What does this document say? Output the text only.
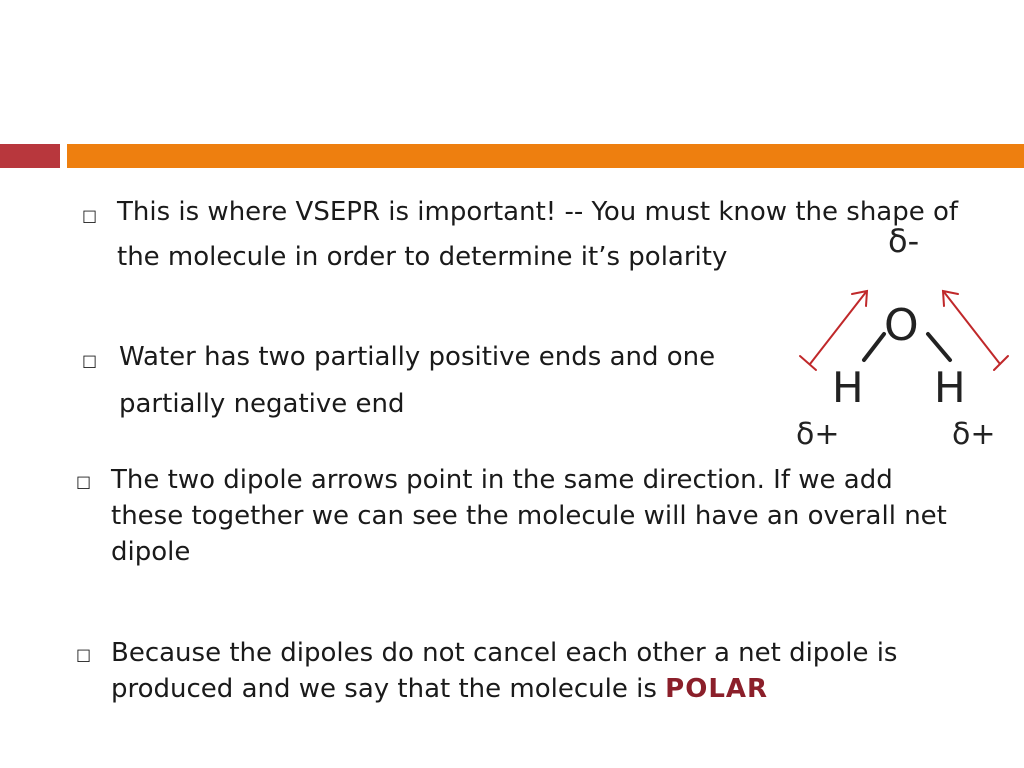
□ This is where VSEPR is important! -- You must know the shape of the molecule in order to determine it’s polarity
□ Water has two partially positive ends and one partially negative end
□ The two dipole arrows point in the same direction. If we add these together we can see the molecule will have an overall net dipole
□ Because the dipoles do not cancel each other a net dipole is produced and we say that the molecule is POLAR
δ-
δ+	δ+
O
H H
